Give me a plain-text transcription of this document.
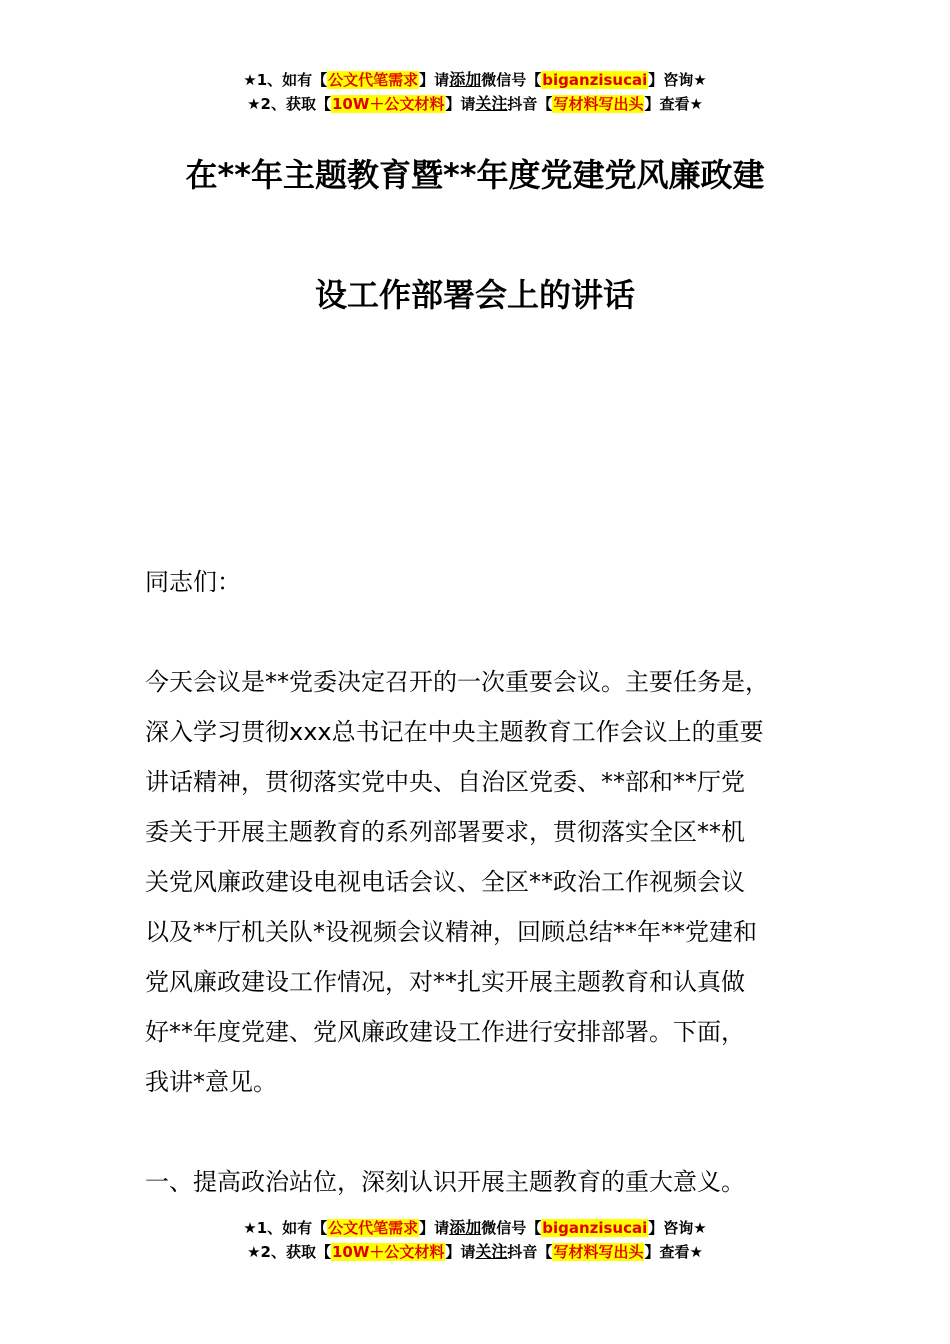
★1、如有【公文代笔需求】请添加微信号【biganzisucai】咨询★
★2、获取【10W＋公文材料】请关注抖音【写材料写出头】查看★
在**年主题教育暨**年度党建党风廉政建
设工作部署会上的讲话
同志们：
今天会议是**党委决定召开的一次重要会议。主要任务是，
深入学习贯彻xxx总书记在中央主题教育工作会议上的重要
讲话精神，贯彻落实党中央、自治区党委、**部和**厅党
委关于开展主题教育的系列部署要求，贯彻落实全区**机
关党风廉政建设电视电话会议、全区**政治工作视频会议
以及**厅机关队*设视频会议精神，回顾总结**年**党建和
党风廉政建设工作情况，对**扎实开展主题教育和认真做
好**年度党建、党风廉政建设工作进行安排部署。下面，
我讲*意见。
一、提高政治站位，深刻认识开展主题教育的重大意义。
★1、如有【公文代笔需求】请添加微信号【biganzisucai】咨询★
★2、获取【10W＋公文材料】请关注抖音【写材料写出头】查看★
